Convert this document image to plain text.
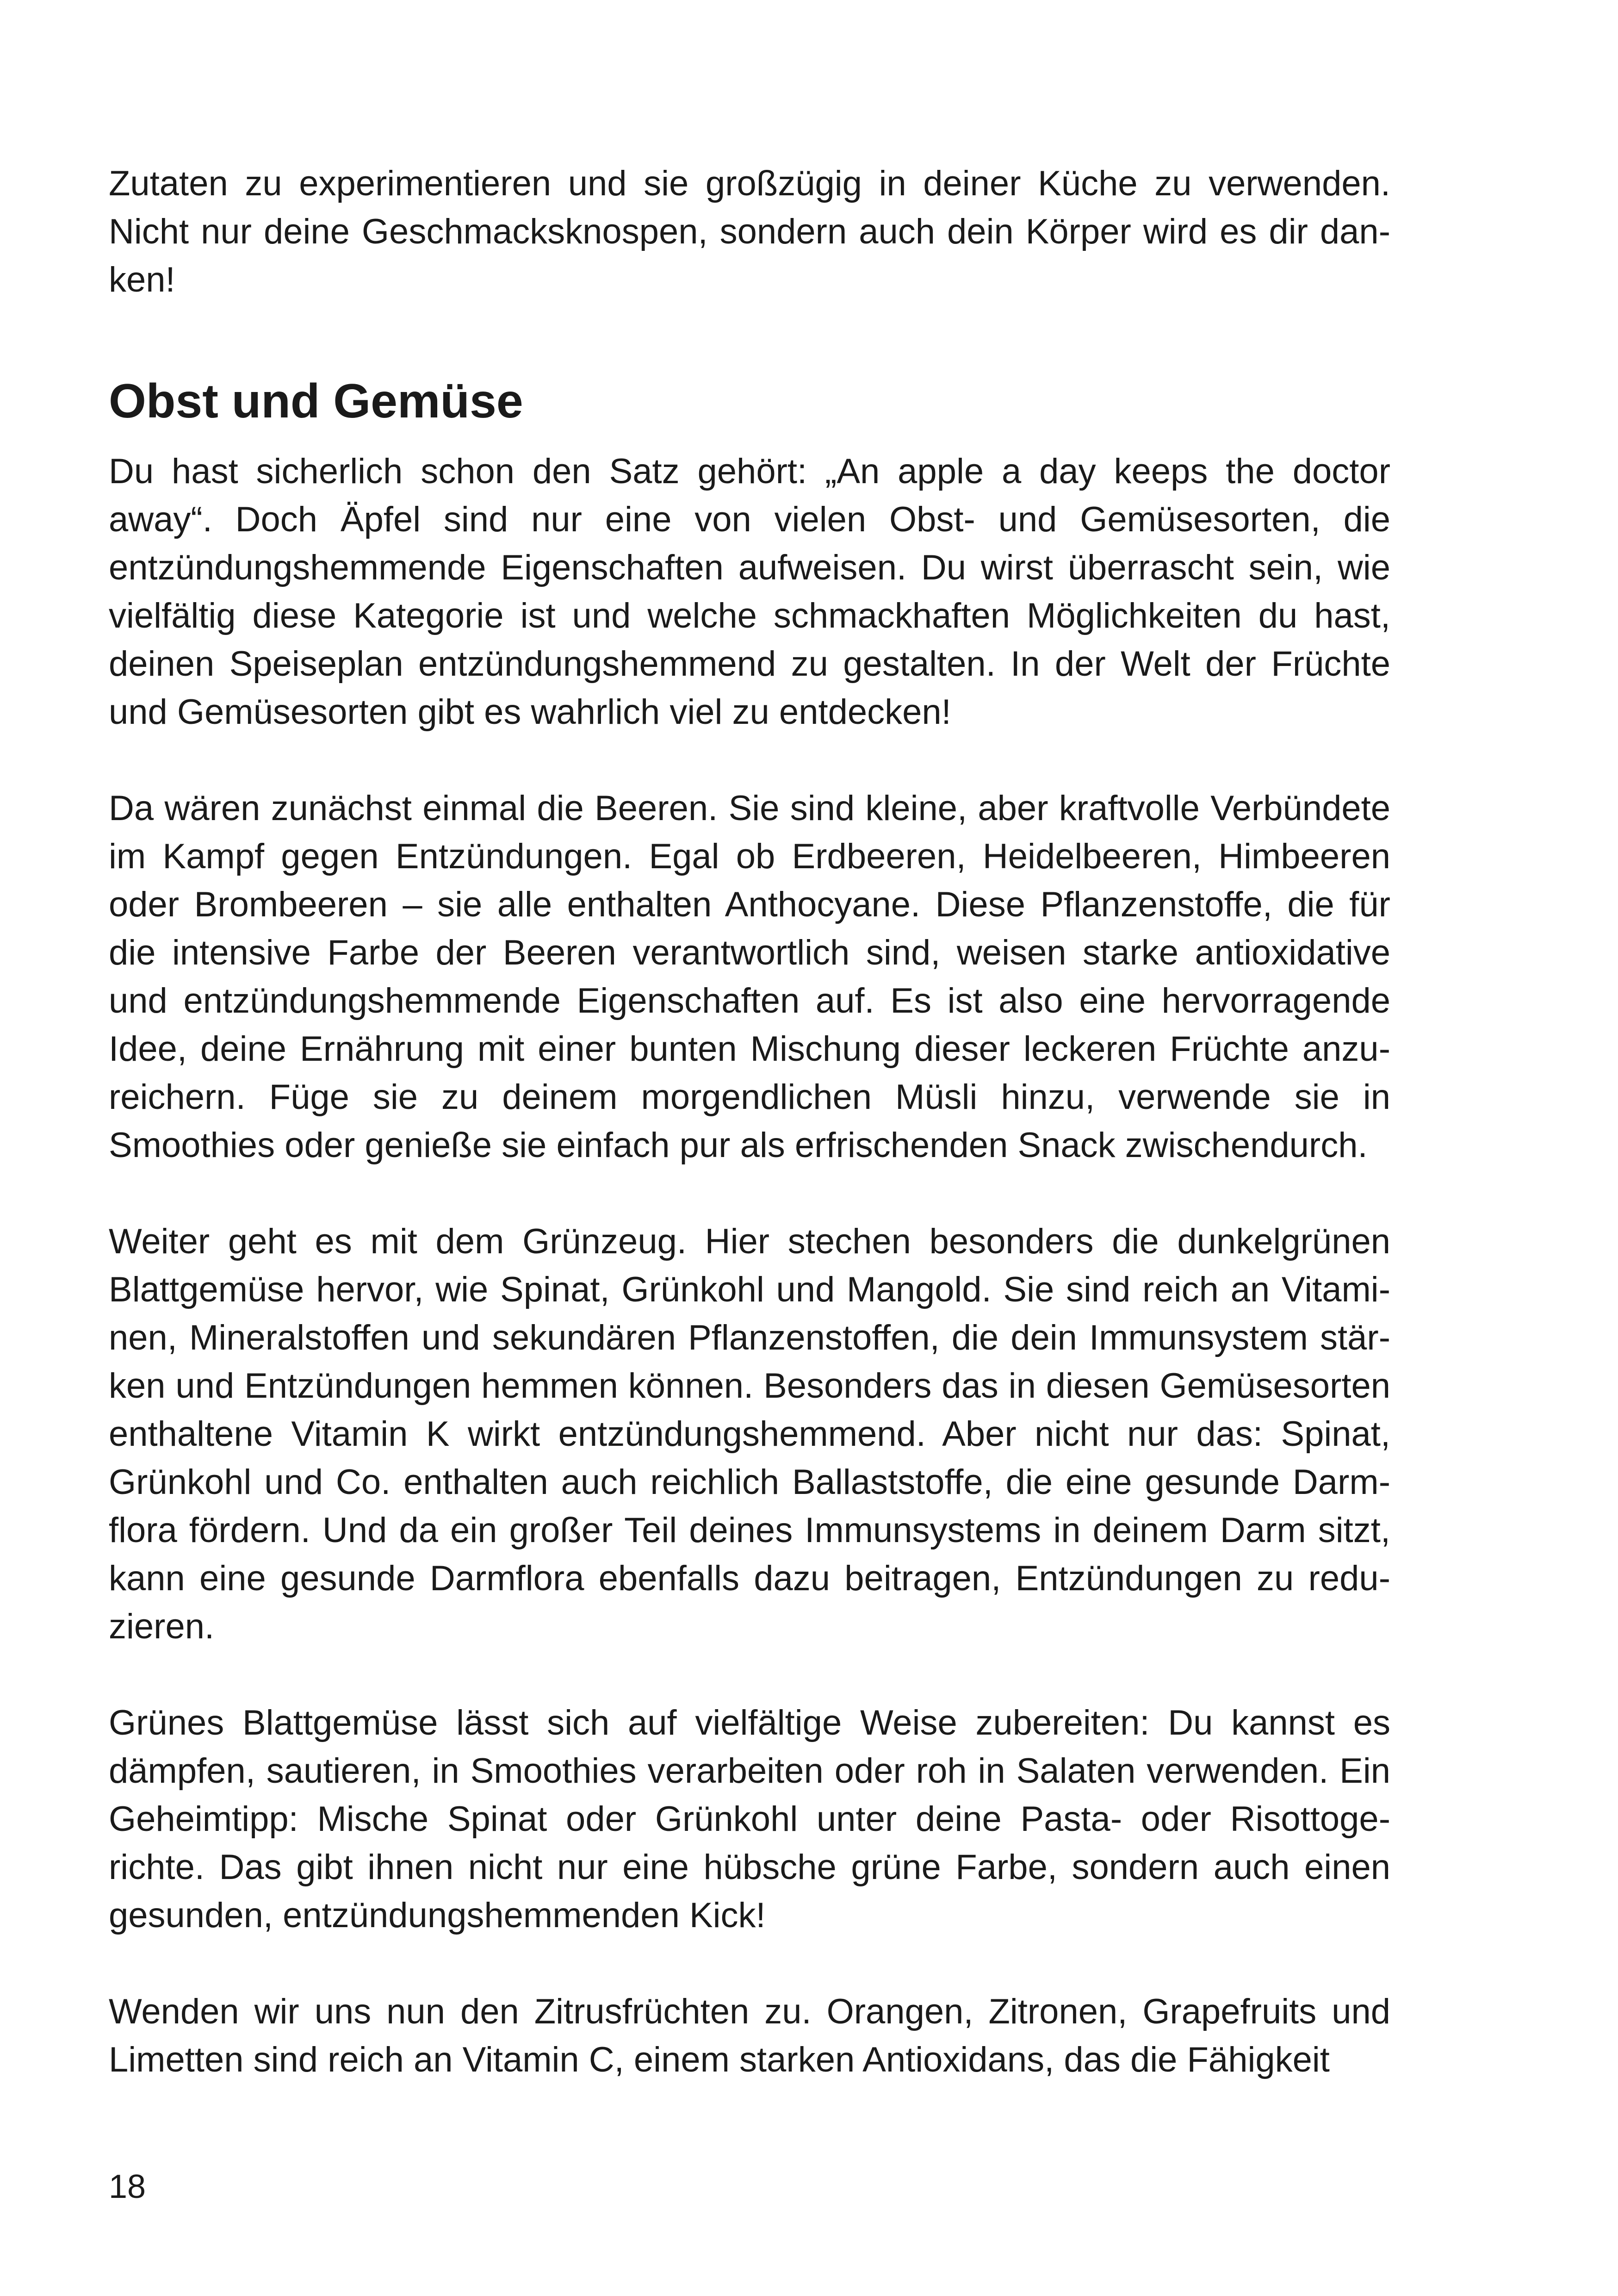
Zutaten zu experimentieren und sie großzügig in deiner Küche zu verwenden. Nicht nur deine Geschmacksknospen, sondern auch dein Körper wird es dir danken!

Obst und Gemüse

Du hast sicherlich schon den Satz gehört: „An apple a day keeps the doctor away“. Doch Äpfel sind nur eine von vielen Obst- und Gemüsesorten, die entzündungshemmende Eigenschaften aufweisen. Du wirst überrascht sein, wie vielfältig diese Kategorie ist und welche schmackhaften Möglichkeiten du hast, deinen Speiseplan entzündungshemmend zu gestalten. In der Welt der Früchte und Gemüsesorten gibt es wahrlich viel zu entdecken!

Da wären zunächst einmal die Beeren. Sie sind kleine, aber kraftvolle Verbündete im Kampf gegen Entzündungen. Egal ob Erdbeeren, Heidelbeeren, Himbeeren oder Brombeeren – sie alle enthalten Anthocyane. Diese Pflanzenstoffe, die für die intensive Farbe der Beeren verantwortlich sind, weisen starke antioxidative und entzündungshemmende Eigenschaften auf. Es ist also eine hervorragende Idee, deine Ernährung mit einer bunten Mischung dieser leckeren Früchte anzureichern. Füge sie zu deinem morgendlichen Müsli hinzu, verwende sie in Smoothies oder genieße sie einfach pur als erfrischenden Snack zwischendurch.

Weiter geht es mit dem Grünzeug. Hier stechen besonders die dunkelgrünen Blattgemüse hervor, wie Spinat, Grünkohl und Mangold. Sie sind reich an Vitaminen, Mineralstoffen und sekundären Pflanzenstoffen, die dein Immunsystem stärken und Entzündungen hemmen können. Besonders das in diesen Gemüsesorten enthaltene Vitamin K wirkt entzündungshemmend. Aber nicht nur das: Spinat, Grünkohl und Co. enthalten auch reichlich Ballaststoffe, die eine gesunde Darmflora fördern. Und da ein großer Teil deines Immunsystems in deinem Darm sitzt, kann eine gesunde Darmflora ebenfalls dazu beitragen, Entzündungen zu reduzieren.

Grünes Blattgemüse lässt sich auf vielfältige Weise zubereiten: Du kannst es dämpfen, sautieren, in Smoothies verarbeiten oder roh in Salaten verwenden. Ein Geheimtipp: Mische Spinat oder Grünkohl unter deine Pasta- oder Risottogerichte. Das gibt ihnen nicht nur eine hübsche grüne Farbe, sondern auch einen gesunden, entzündungshemmenden Kick!

Wenden wir uns nun den Zitrusfrüchten zu. Orangen, Zitronen, Grapefruits und Limetten sind reich an Vitamin C, einem starken Antioxidans, das die Fähigkeit

18
